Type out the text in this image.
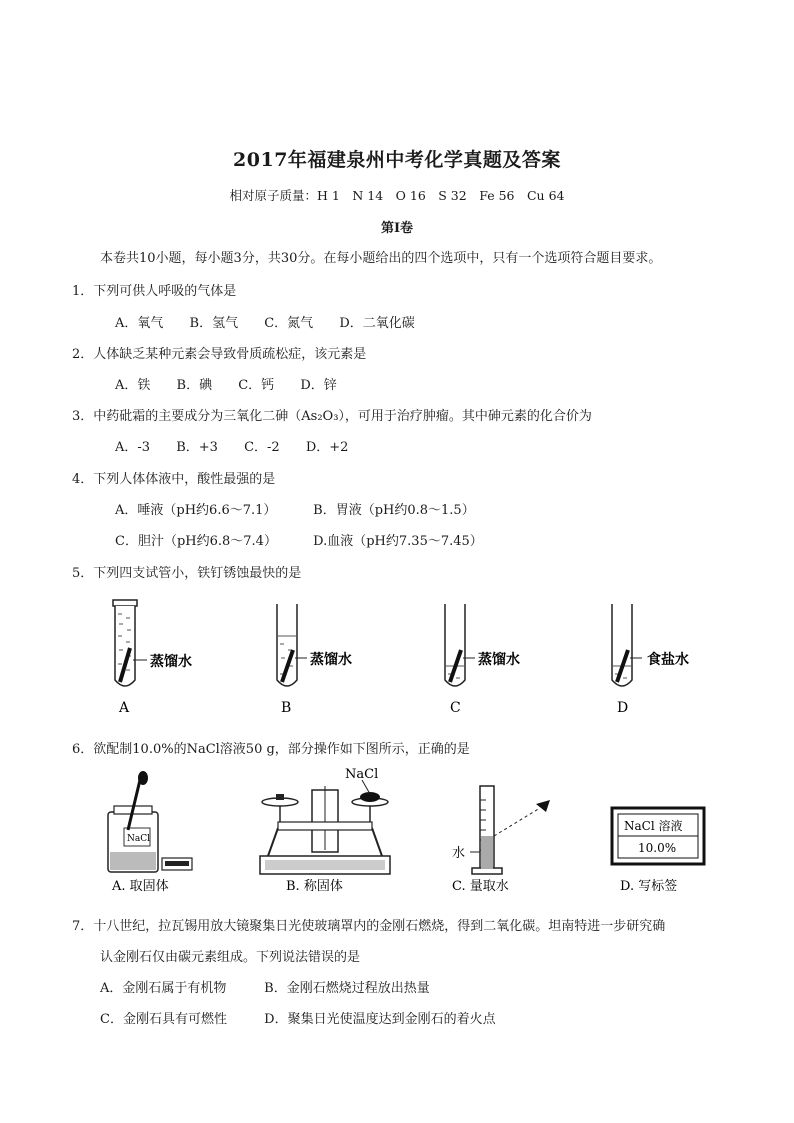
2017年福建泉州中考化学真题及答案
相对原子质量：H 1　N 14　O 16　S 32　Fe 56　Cu 64
第Ⅰ卷
本卷共10小题，每小题3分，共30分。在每小题给出的四个选项中，只有一个选项符合题目要求。
1．下列可供人呼吸的气体是
A．氧气 B．氢气 C．氮气 D．二氧化碳
2．人体缺乏某种元素会导致骨质疏松症，该元素是
A．铁 B．碘 C．钙 D．锌
3．中药砒霜的主要成分为三氧化二砷（As₂O₃），可用于治疗肿瘤。其中砷元素的化合价为
A．-3 B．+3 C．-2 D．+2
4．下列人体体液中，酸性最强的是
A．唾液（pH约6.6～7.1）	B．胃液（pH约0.8～1.5）
C．胆汁（pH约6.8～7.4）	D.血液（pH约7.35～7.45）
5．下列四支试管小，铁钉锈蚀最快的是
蒸馏水
A
蒸馏水
B
蒸馏水
C
食盐水
D
6．欲配制10.0%的NaCl溶液50 g，部分操作如下图所示，正确的是
NaCl
A. 取固体
NaCl
B. 称固体
水
C. 量取水
NaCl 溶液
10.0%
D. 写标签
7．十八世纪，拉瓦锡用放大镜聚集日光使玻璃罩内的金刚石燃烧，得到二氧化碳。坦南特进一步研究确
认金刚石仅由碳元素组成。下列说法错误的是
A．金刚石属于有机物	B．金刚石燃烧过程放出热量
C．金刚石具有可燃性	D．聚集日光使温度达到金刚石的着火点
